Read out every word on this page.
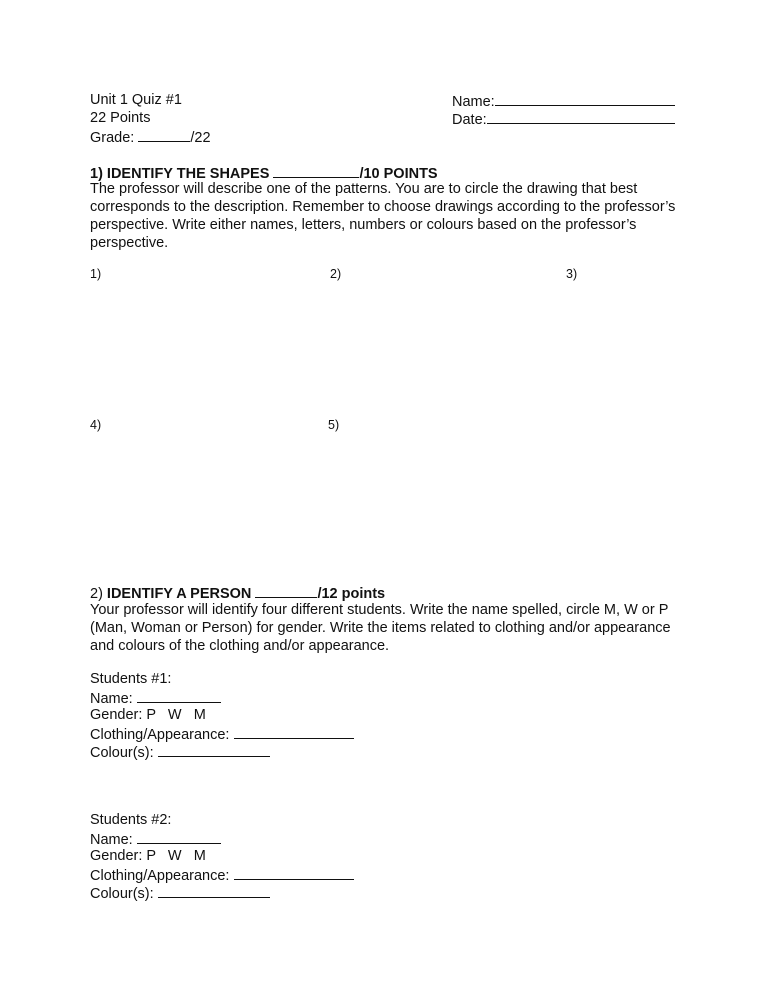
Unit 1 Quiz #1
22 Points
Grade:	/22
Name:
Date:
1) IDENTIFY THE SHAPES	/10 POINTS
The professor will describe one of the patterns. You are to circle the drawing that best corresponds to the description. Remember to choose drawings according to the professor’s perspective. Write either names, letters, numbers or colours based on the professor’s perspective.
1)	2)	3)
4)	5)
2) IDENTIFY A PERSON	/12 points
Your professor will identify four different students. Write the name spelled, circle M, W or P (Man, Woman or Person) for gender. Write the items related to clothing and/or appearance and colours of the clothing and/or appearance.
Students #1:
Name:
Gender: P   W   M
Clothing/Appearance:
Colour(s):
Students #2:
Name:
Gender: P   W   M
Clothing/Appearance:
Colour(s):
